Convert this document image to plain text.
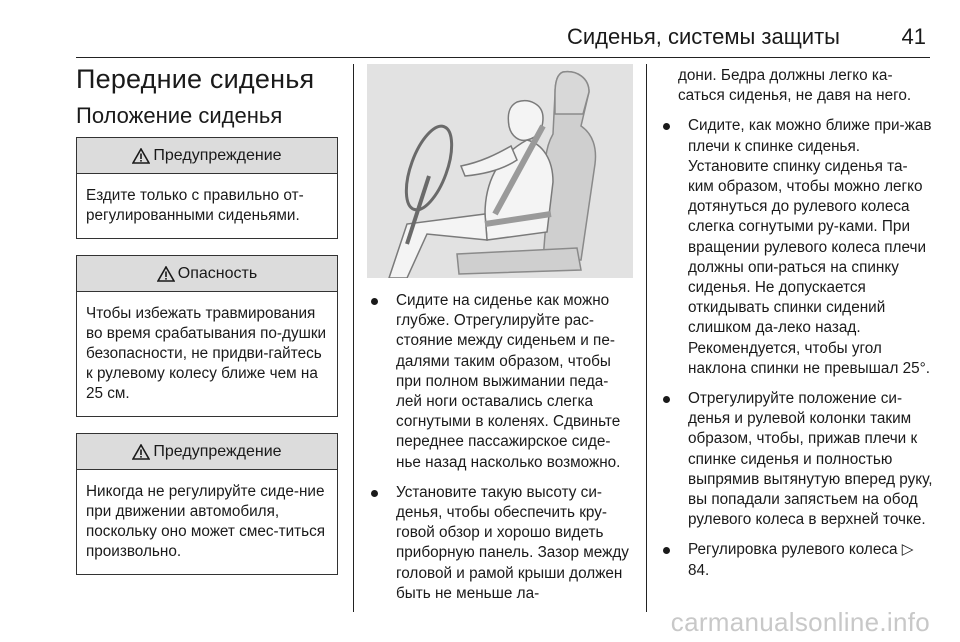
Сиденья, системы защиты	41
Передние сиденья
Положение сиденья
Предупреждение
Ездите только с правильно от-регулированными сиденьями.
Опасность
Чтобы избежать травмирования во время срабатывания по-душки безопасности, не придви-гайтесь к рулевому колесу ближе чем на 25 см.
Предупреждение
Никогда не регулируйте сиде-ние при движении автомобиля, поскольку оно может смес-титься произвольно.
Сидите на сиденье как можно глубже. Отрегулируйте рас-стояние между сиденьем и пе-далями таким образом, чтобы при полном выжимании педа-лей ноги оставались слегка согнутыми в коленях. Сдвиньте переднее пассажирское сиде-нье назад насколько возможно.
Установите такую высоту си-денья, чтобы обеспечить кру-говой обзор и хорошо видеть приборную панель. Зазор между головой и рамой крыши должен быть не меньше ла-
дони. Бедра должны легко ка-саться сиденья, не давя на него.
Сидите, как можно ближе при-жав плечи к спинке сиденья. Установите спинку сиденья та-ким образом, чтобы можно легко дотянуться до рулевого колеса слегка согнутыми ру-ками. При вращении рулевого колеса плечи должны опи-раться на спинку сиденья. Не допускается откидывать спинки сидений слишком да-леко назад. Рекомендуется, чтобы угол наклона спинки не превышал 25°.
Отрегулируйте положение си-денья и рулевой колонки таким образом, чтобы, прижав плечи к спинке сиденья и полностью выпрямив вытянутую вперед руку, вы попадали запястьем на обод рулевого колеса в верхней точке.
Регулировка рулевого колеса ▷ 84.
carmanualsonline.info
